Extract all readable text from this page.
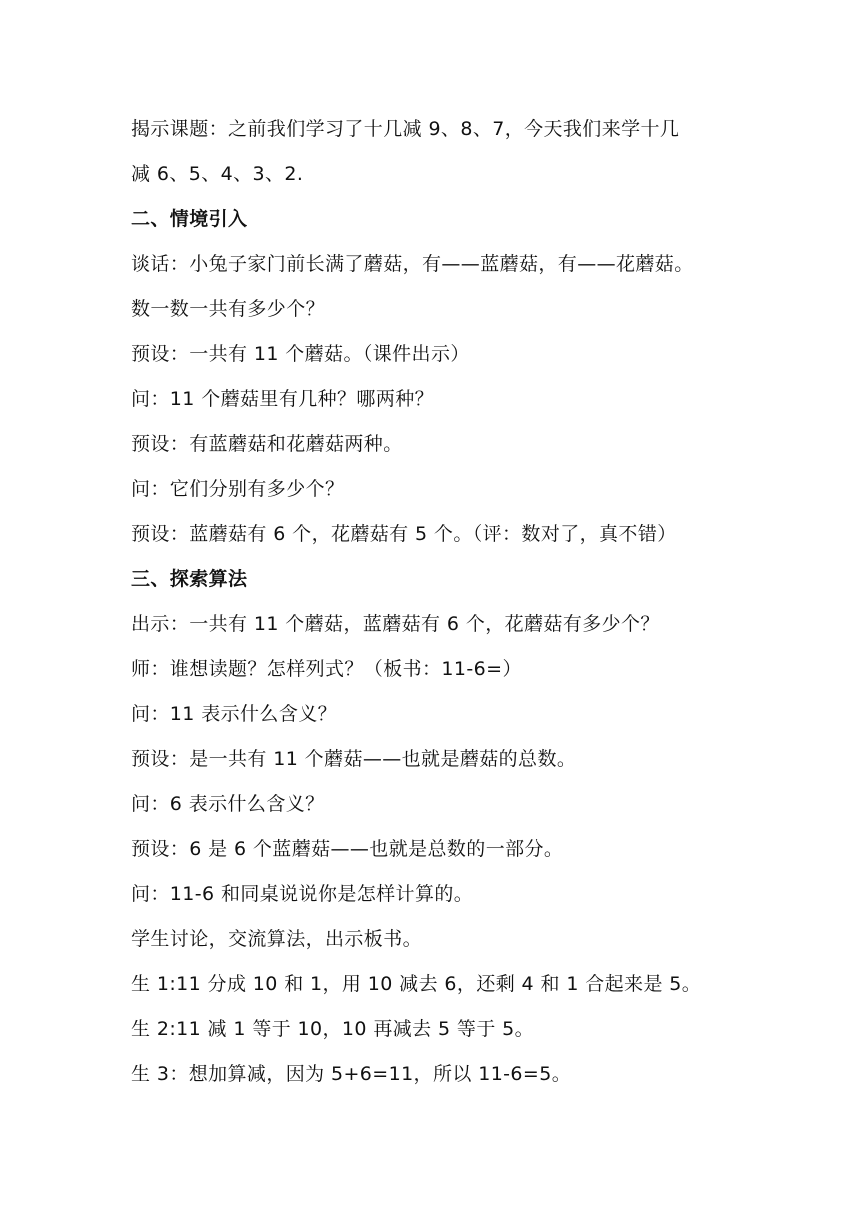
揭示课题：之前我们学习了十几减 9、8、7，今天我们来学十几
减 6、5、4、3、2.
二、情境引入
谈话：小兔子家门前长满了蘑菇，有——蓝蘑菇，有——花蘑菇。
数一数一共有多少个？
预设：一共有 11 个蘑菇。（课件出示）
问：11 个蘑菇里有几种？哪两种？
预设：有蓝蘑菇和花蘑菇两种。
问：它们分别有多少个？
预设：蓝蘑菇有 6 个，花蘑菇有 5 个。（评：数对了，真不错）
三、探索算法
出示：一共有 11 个蘑菇，蓝蘑菇有 6 个，花蘑菇有多少个？
师：谁想读题？怎样列式？（板书：11-6=）
问：11 表示什么含义？
预设：是一共有 11 个蘑菇——也就是蘑菇的总数。
问：6 表示什么含义？
预设：6 是 6 个蓝蘑菇——也就是总数的一部分。
问：11-6 和同桌说说你是怎样计算的。
学生讨论，交流算法，出示板书。
生 1:11 分成 10 和 1，用 10 减去 6，还剩 4 和 1 合起来是 5。
生 2:11 减 1 等于 10，10 再减去 5 等于 5。
生 3：想加算减，因为 5+6=11，所以 11-6=5。
